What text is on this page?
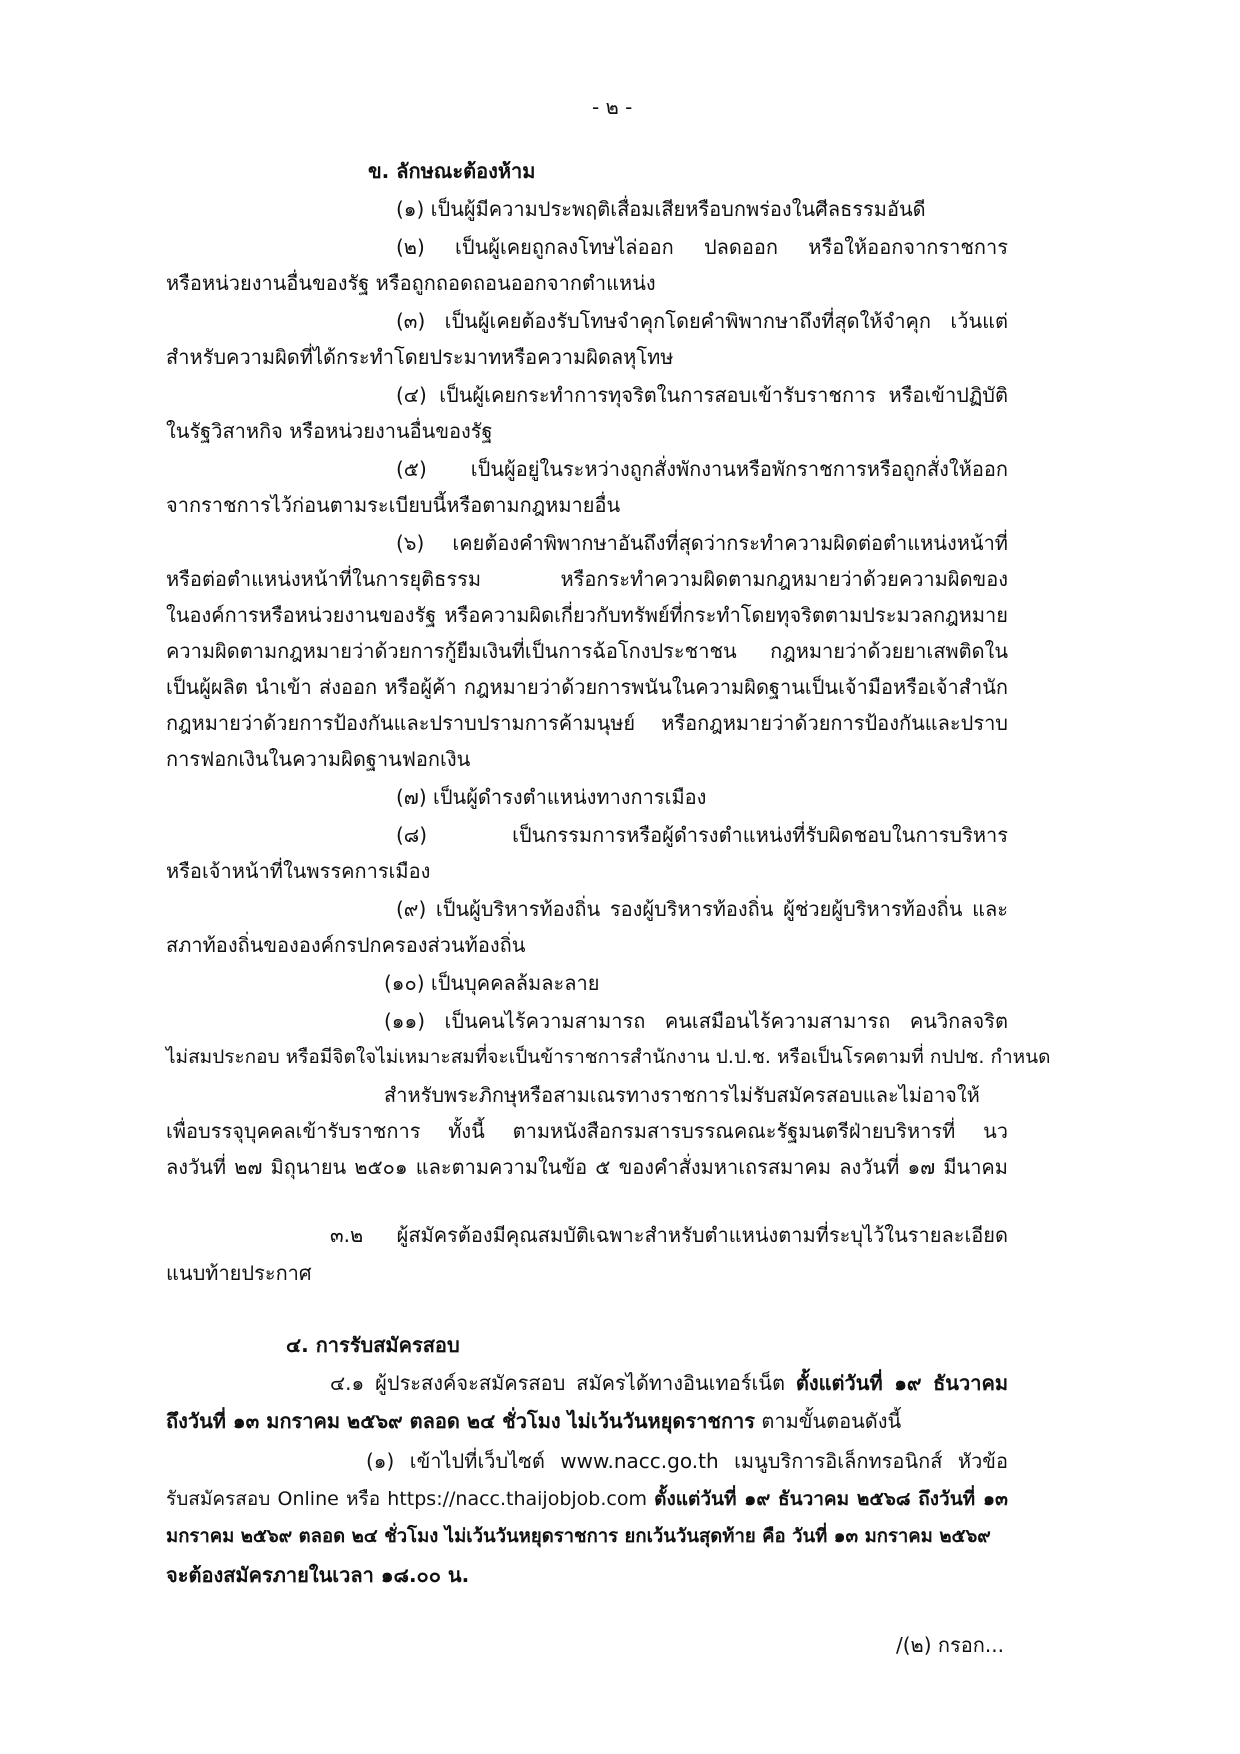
- ๒ -
ข. ลักษณะต้องห้าม
(๑) เป็นผู้มีความประพฤติเสื่อมเสียหรือบกพร่องในศีลธรรมอันดี
(๒) เป็นผู้เคยถูกลงโทษไล่ออก ปลดออก หรือให้ออกจากราชการ
หรือหน่วยงานอื่นของรัฐ หรือถูกถอดถอนออกจากตำแหน่ง
(๓) เป็นผู้เคยต้องรับโทษจำคุกโดยคำพิพากษาถึงที่สุดให้จำคุก เว้นแต่
สำหรับความผิดที่ได้กระทำโดยประมาทหรือความผิดลหุโทษ
(๔) เป็นผู้เคยกระทำการทุจริตในการสอบเข้ารับราชการ หรือเข้าปฏิบัติ
ในรัฐวิสาหกิจ หรือหน่วยงานอื่นของรัฐ
(๕) เป็นผู้อยู่ในระหว่างถูกสั่งพักงานหรือพักราชการหรือถูกสั่งให้ออก
จากราชการไว้ก่อนตามระเบียบนี้หรือตามกฎหมายอื่น
(๖) เคยต้องคำพิพากษาอันถึงที่สุดว่ากระทำความผิดต่อตำแหน่งหน้าที่
หรือต่อตำแหน่งหน้าที่ในการยุติธรรม หรือกระทำความผิดตามกฎหมายว่าด้วยความผิดของ
ในองค์การหรือหน่วยงานของรัฐ หรือความผิดเกี่ยวกับทรัพย์ที่กระทำโดยทุจริตตามประมวลกฎหมาย
ความผิดตามกฎหมายว่าด้วยการกู้ยืมเงินที่เป็นการฉ้อโกงประชาชน กฎหมายว่าด้วยยาเสพติดใน
เป็นผู้ผลิต นำเข้า ส่งออก หรือผู้ค้า กฎหมายว่าด้วยการพนันในความผิดฐานเป็นเจ้ามือหรือเจ้าสำนัก
กฎหมายว่าด้วยการป้องกันและปราบปรามการค้ามนุษย์ หรือกฎหมายว่าด้วยการป้องกันและปราบ
การฟอกเงินในความผิดฐานฟอกเงิน
(๗) เป็นผู้ดำรงตำแหน่งทางการเมือง
(๘) เป็นกรรมการหรือผู้ดำรงตำแหน่งที่รับผิดชอบในการบริหาร
หรือเจ้าหน้าที่ในพรรคการเมือง
(๙) เป็นผู้บริหารท้องถิ่น รองผู้บริหารท้องถิ่น ผู้ช่วยผู้บริหารท้องถิ่น และ
สภาท้องถิ่นขององค์กรปกครองส่วนท้องถิ่น
(๑๐) เป็นบุคคลล้มละลาย
(๑๑) เป็นคนไร้ความสามารถ คนเสมือนไร้ความสามารถ คนวิกลจริต
ไม่สมประกอบ หรือมีจิตใจไม่เหมาะสมที่จะเป็นข้าราชการสำนักงาน ป.ป.ช. หรือเป็นโรคตามที่ กปปช. กำหนด
สำหรับพระภิกษุหรือสามเณรทางราชการไม่รับสมัครสอบและไม่อาจให้
เพื่อบรรจุบุคคลเข้ารับราชการ ทั้งนี้ ตามหนังสือกรมสารบรรณคณะรัฐมนตรีฝ่ายบริหารที่ นว
ลงวันที่ ๒๗ มิถุนายน ๒๕๐๑ และตามความในข้อ ๕ ของคำสั่งมหาเถรสมาคม ลงวันที่ ๑๗ มีนาคม
๓.๒ ผู้สมัครต้องมีคุณสมบัติเฉพาะสำหรับตำแหน่งตามที่ระบุไว้ในรายละเอียด
แนบท้ายประกาศ
๔. การรับสมัครสอบ
๔.๑ ผู้ประสงค์จะสมัครสอบ สมัครได้ทางอินเทอร์เน็ต ตั้งแต่วันที่ ๑๙ ธันวาคม
ถึงวันที่ ๑๓ มกราคม ๒๕๖๙ ตลอด ๒๔ ชั่วโมง ไม่เว้นวันหยุดราชการ ตามขั้นตอนดังนี้
(๑) เข้าไปที่เว็บไซต์ www.nacc.go.th เมนูบริการอิเล็กทรอนิกส์ หัวข้อ
รับสมัครสอบ Online หรือ https://nacc.thaijobjob.com ตั้งแต่วันที่ ๑๙ ธันวาคม ๒๕๖๘ ถึงวันที่ ๑๓
มกราคม ๒๕๖๙ ตลอด ๒๔ ชั่วโมง ไม่เว้นวันหยุดราชการ ยกเว้นวันสุดท้าย คือ วันที่ ๑๓ มกราคม ๒๕๖๙
จะต้องสมัครภายในเวลา ๑๘.๐๐ น.
/(๒) กรอก...
